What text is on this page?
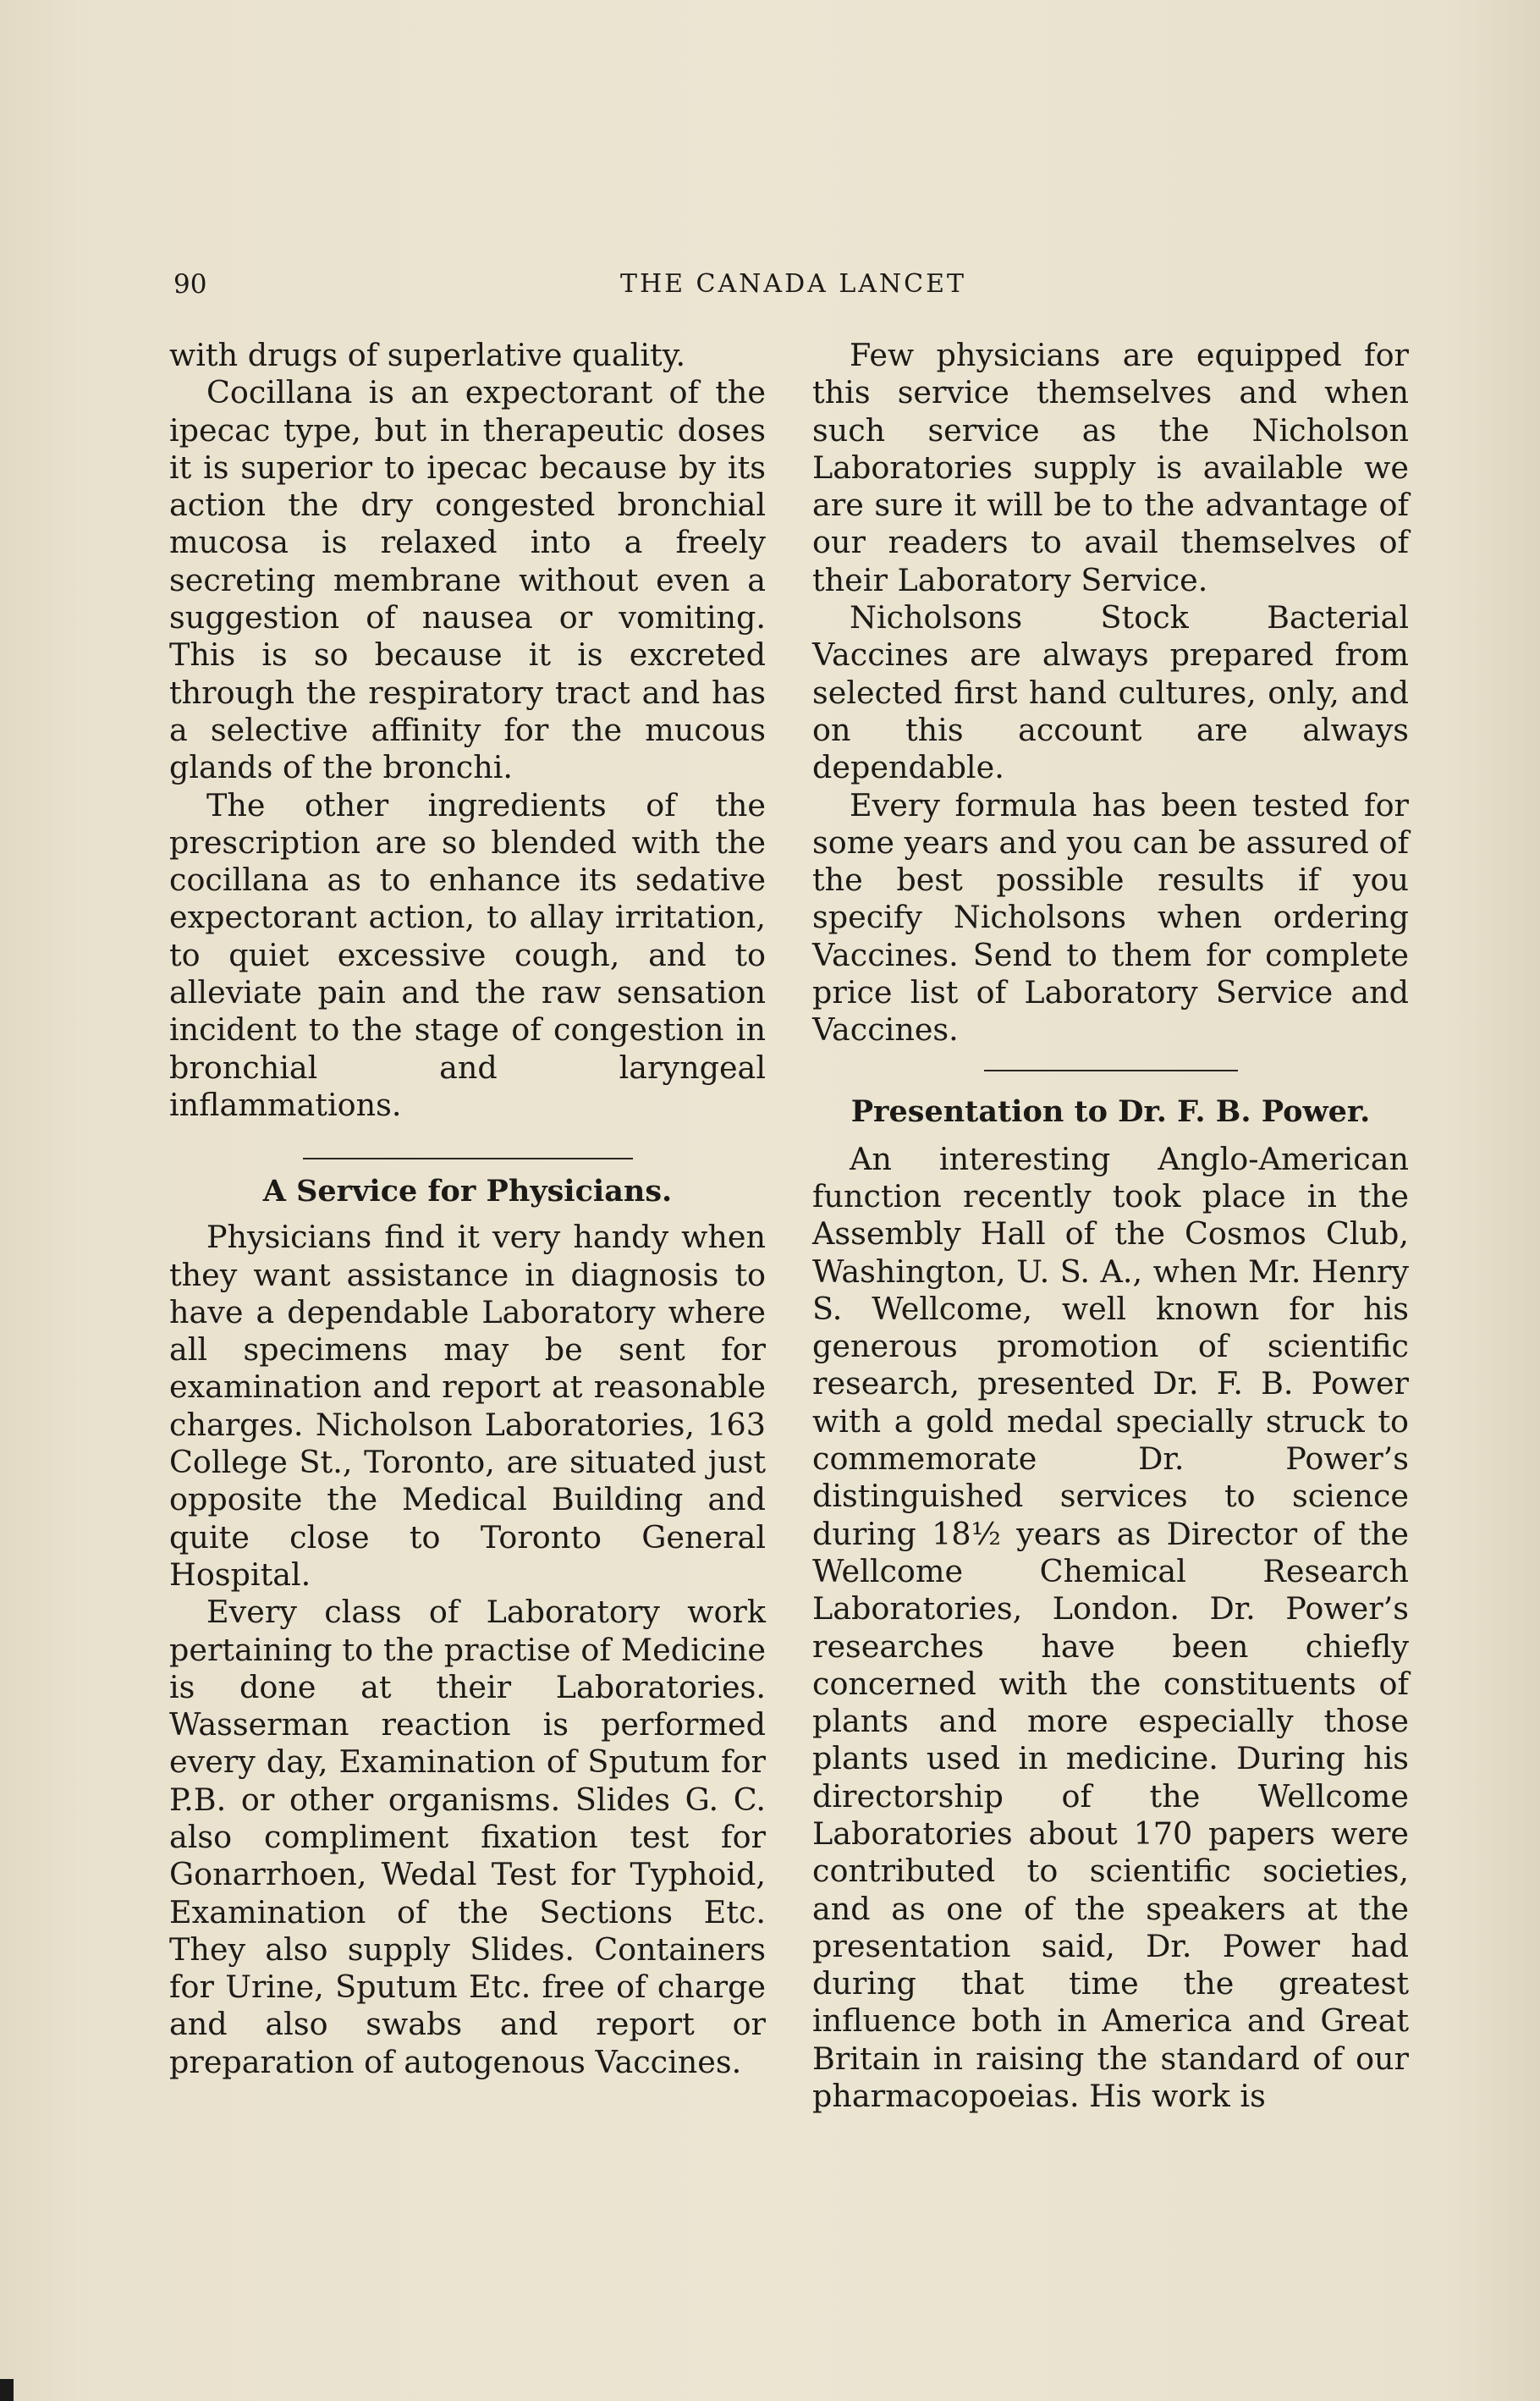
90	THE CANADA LANCET

with drugs of superlative quality.

Cocillana is an expectorant of the ipecac type, but in therapeutic doses it is superior to ipecac because by its action the dry congested bronchial mucosa is relaxed into a freely secreting membrane without even a suggestion of nausea or vomiting. This is so because it is excreted through the respiratory tract and has a selective affinity for the mucous glands of the bronchi.

The other ingredients of the prescription are so blended with the cocillana as to enhance its sedative expectorant action, to allay irritation, to quiet excessive cough, and to alleviate pain and the raw sensation incident to the stage of congestion in bronchial and laryngeal inflammations.

A Service for Physicians.

Physicians find it very handy when they want assistance in diagnosis to have a dependable Laboratory where all specimens may be sent for examination and report at reasonable charges. Nicholson Laboratories, 163 College St., Toronto, are situated just opposite the Medical Building and quite close to Toronto General Hospital.

Every class of Laboratory work pertaining to the practise of Medicine is done at their Laboratories. Wasserman reaction is performed every day, Examination of Sputum for P.B. or other organisms. Slides G. C. also compliment fixation test for Gonarrhoen, Wedal Test for Typhoid, Examination of the Sections Etc. They also supply Slides. Containers for Urine, Sputum Etc. free of charge and also swabs and report or preparation of autogenous Vaccines.

Few physicians are equipped for this service themselves and when such service as the Nicholson Laboratories supply is available we are sure it will be to the advantage of our readers to avail themselves of their Laboratory Service.

Nicholsons Stock Bacterial Vaccines are always prepared from selected first hand cultures, only, and on this account are always dependable.

Every formula has been tested for some years and you can be assured of the best possible results if you specify Nicholsons when ordering Vaccines. Send to them for complete price list of Laboratory Service and Vaccines.

Presentation to Dr. F. B. Power.

An interesting Anglo-American function recently took place in the Assembly Hall of the Cosmos Club, Washington, U. S. A., when Mr. Henry S. Wellcome, well known for his generous promotion of scientific research, presented Dr. F. B. Power with a gold medal specially struck to commemorate Dr. Power’s distinguished services to science during 18½ years as Director of the Wellcome Chemical Research Laboratories, London. Dr. Power’s researches have been chiefly concerned with the constituents of plants and more especially those plants used in medicine. During his directorship of the Wellcome Laboratories about 170 papers were contributed to scientific societies, and as one of the speakers at the presentation said, Dr. Power had during that time the greatest influence both in America and Great Britain in raising the standard of our pharmacopoeias. His work is
